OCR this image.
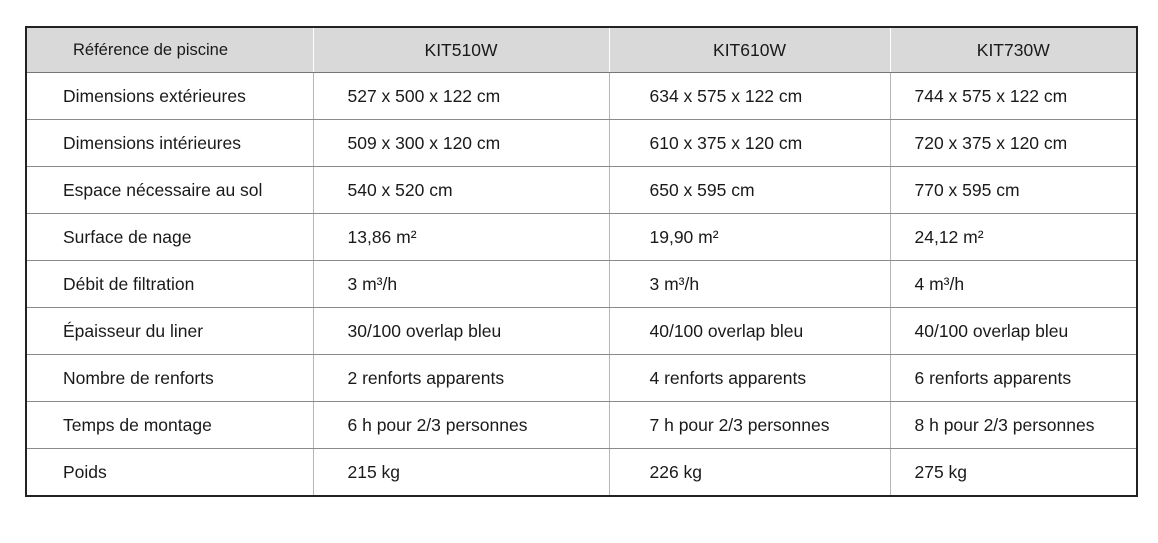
Référence de piscine	KIT510W	KIT610W	KIT730W
Dimensions extérieures	527 x 500 x 122 cm	634 x 575 x 122 cm	744 x 575 x 122 cm
Dimensions intérieures	509 x 300 x 120 cm	610 x 375 x 120 cm	720 x 375 x 120 cm
Espace nécessaire au sol	540 x 520 cm	650 x 595 cm	770 x 595 cm
Surface de nage	13,86 m²	19,90 m²	24,12 m²
Débit de filtration	3 m³/h	3 m³/h	4 m³/h
Épaisseur du liner	30/100 overlap bleu	40/100 overlap bleu	40/100 overlap bleu
Nombre de renforts	2 renforts apparents	4 renforts apparents	6 renforts apparents
Temps de montage	6 h pour 2/3 personnes	7 h pour 2/3 personnes	8 h pour 2/3 personnes
Poids	215 kg	226 kg	275 kg
